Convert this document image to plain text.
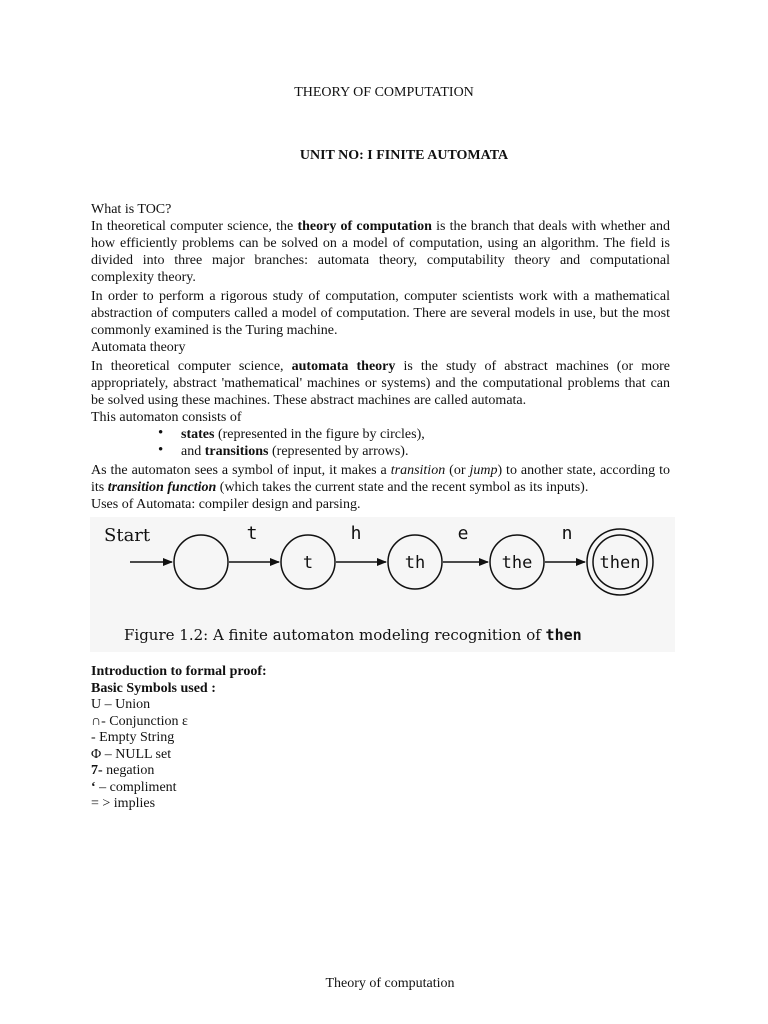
THEORY OF COMPUTATION
UNIT NO: I FINITE AUTOMATA

What is TOC?

In theoretical computer science, the theory of computation is the branch that deals with whether and how efficiently problems can be solved on a model of computation, using an algorithm. The field is divided into three major branches: automata theory, computability theory and computational complexity theory.

In order to perform a rigorous study of computation, computer scientists work with a mathematical abstraction of computers called a model of computation. There are several models in use, but the most commonly examined is the Turing machine.

Automata theory

In theoretical computer science, automata theory is the study of abstract machines (or more appropriately, abstract 'mathematical' machines or systems) and the computational problems that can be solved using these machines. These abstract machines are called automata.

This automaton consists of

• states (represented in the figure by circles),
• and transitions (represented by arrows).

As the automaton sees a symbol of input, it makes a transition (or jump) to another state, according to its transition function (which takes the current state and the recent symbol as its inputs).

Uses of Automata: compiler design and parsing.

Start	t	h	e	n
t	th	the	then
Figure 1.2: A finite automaton modeling recognition of then
Introduction to formal proof:
Basic Symbols used :
U – Union
∩- Conjunction ε
- Empty String
Φ – NULL set
7- negation
‘ – compliment
= > implies
Theory of computation
